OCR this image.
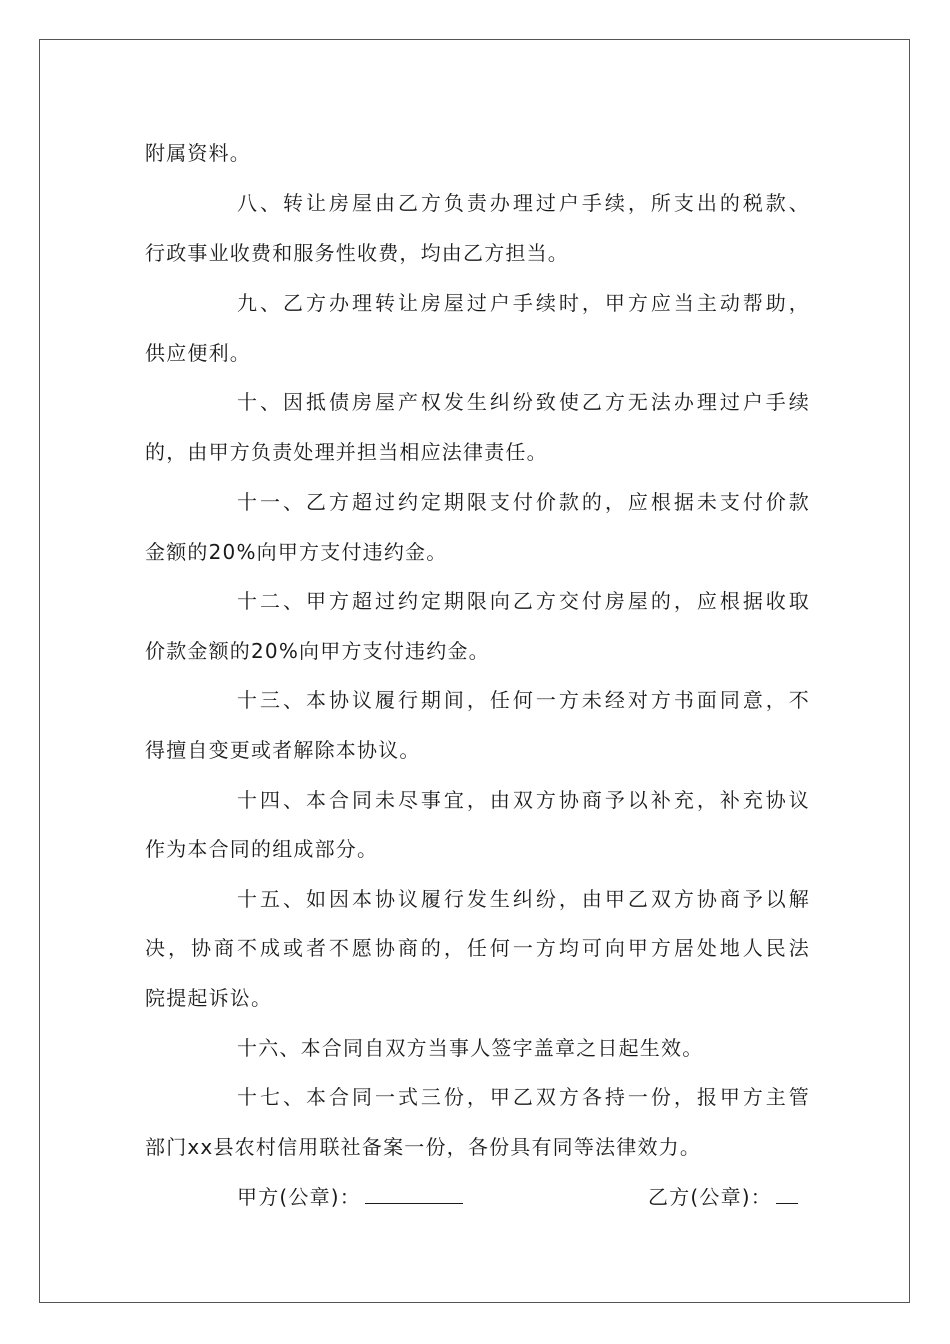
附属资料。
八、转让房屋由乙方负责办理过户手续，所支出的税款、
行政事业收费和服务性收费，均由乙方担当。
九、乙方办理转让房屋过户手续时，甲方应当主动帮助，
供应便利。
十、因抵债房屋产权发生纠纷致使乙方无法办理过户手续
的，由甲方负责处理并担当相应法律责任。
十一、乙方超过约定期限支付价款的，应根据未支付价款
金额的20%向甲方支付违约金。
十二、甲方超过约定期限向乙方交付房屋的，应根据收取
价款金额的20%向甲方支付违约金。
十三、本协议履行期间，任何一方未经对方书面同意，不
得擅自变更或者解除本协议。
十四、本合同未尽事宜，由双方协商予以补充，补充协议
作为本合同的组成部分。
十五、如因本协议履行发生纠纷，由甲乙双方协商予以解
决，协商不成或者不愿协商的，任何一方均可向甲方居处地人民法
院提起诉讼。
十六、本合同自双方当事人签字盖章之日起生效。
十七、本合同一式三份，甲乙双方各持一份，报甲方主管
部门xx县农村信用联社备案一份，各份具有同等法律效力。
甲方(公章)：	乙方(公章)：
